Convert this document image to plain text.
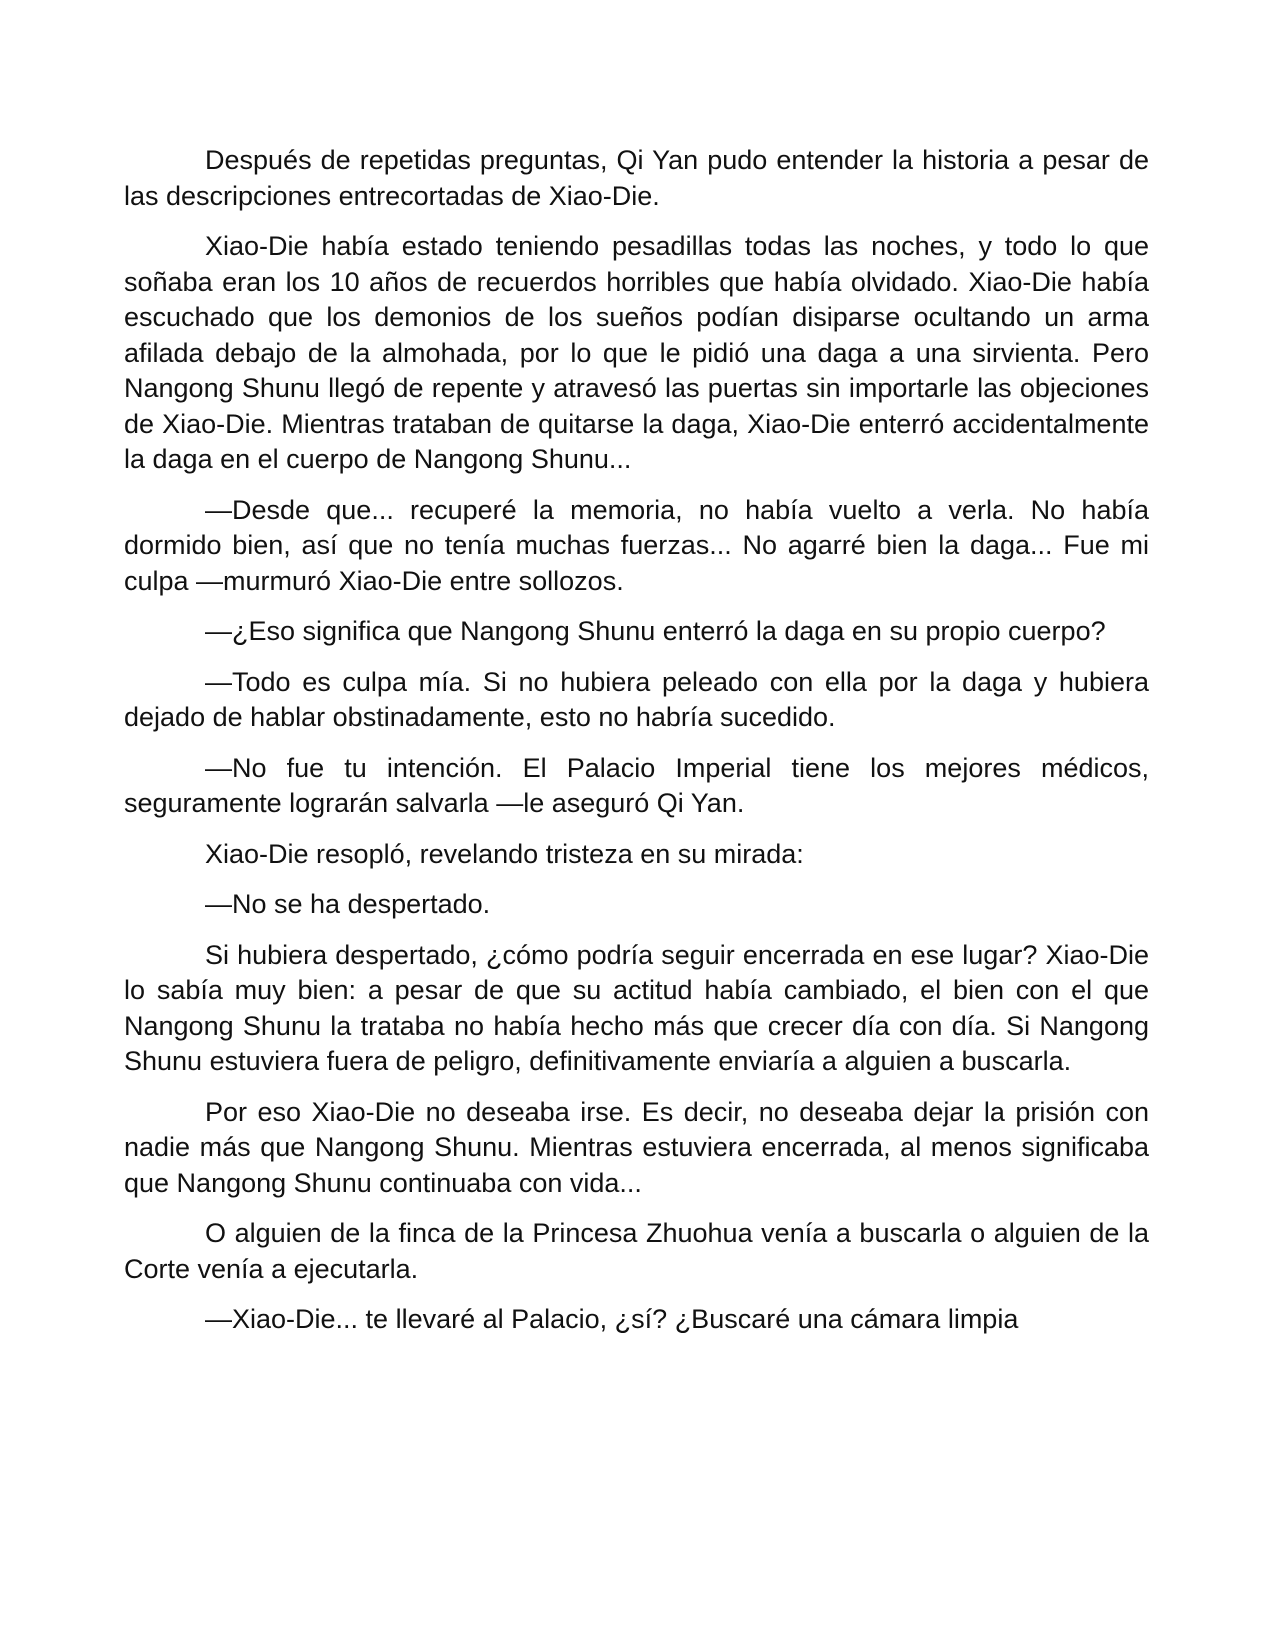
Después de repetidas preguntas, Qi Yan pudo entender la historia a pesar de las descripciones entrecortadas de Xiao-Die.

Xiao-Die había estado teniendo pesadillas todas las noches, y todo lo que soñaba eran los 10 años de recuerdos horribles que había olvidado. Xiao-Die había escuchado que los demonios de los sueños podían disiparse ocultando un arma afilada debajo de la almohada, por lo que le pidió una daga a una sirvienta. Pero Nangong Shunu llegó de repente y atravesó las puertas sin importarle las objeciones de Xiao-Die. Mientras trataban de quitarse la daga, Xiao-Die enterró accidentalmente la daga en el cuerpo de Nangong Shunu...

—Desde que... recuperé la memoria, no había vuelto a verla. No había dormido bien, así que no tenía muchas fuerzas... No agarré bien la daga... Fue mi culpa —murmuró Xiao-Die entre sollozos.

—¿Eso significa que Nangong Shunu enterró la daga en su propio cuerpo?

—Todo es culpa mía. Si no hubiera peleado con ella por la daga y hubiera dejado de hablar obstinadamente, esto no habría sucedido.

—No fue tu intención. El Palacio Imperial tiene los mejores médicos, seguramente lograrán salvarla —le aseguró Qi Yan.

Xiao-Die resopló, revelando tristeza en su mirada:

—No se ha despertado.

Si hubiera despertado, ¿cómo podría seguir encerrada en ese lugar? Xiao-Die lo sabía muy bien: a pesar de que su actitud había cambiado, el bien con el que Nangong Shunu la trataba no había hecho más que crecer día con día. Si Nangong Shunu estuviera fuera de peligro, definitivamente enviaría a alguien a buscarla.

Por eso Xiao-Die no deseaba irse. Es decir, no deseaba dejar la prisión con nadie más que Nangong Shunu. Mientras estuviera encerrada, al menos significaba que Nangong Shunu continuaba con vida...

O alguien de la finca de la Princesa Zhuohua venía a buscarla o alguien de la Corte venía a ejecutarla.

—Xiao-Die... te llevaré al Palacio, ¿sí? ¿Buscaré una cámara limpia
